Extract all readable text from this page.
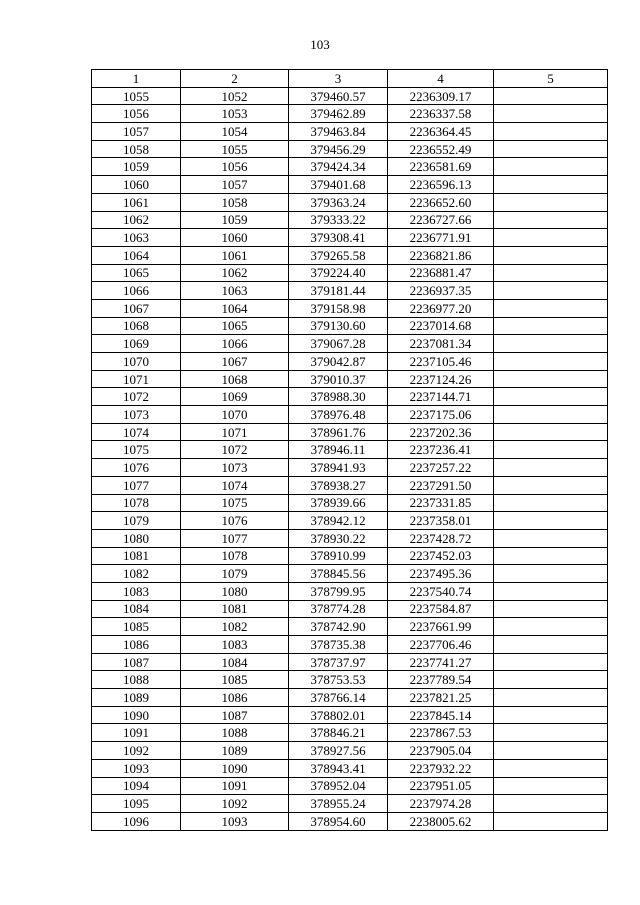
103
1	2	3	4	5
1055	1052	379460.57	2236309.17	
1056	1053	379462.89	2236337.58	
1057	1054	379463.84	2236364.45	
1058	1055	379456.29	2236552.49	
1059	1056	379424.34	2236581.69	
1060	1057	379401.68	2236596.13	
1061	1058	379363.24	2236652.60	
1062	1059	379333.22	2236727.66	
1063	1060	379308.41	2236771.91	
1064	1061	379265.58	2236821.86	
1065	1062	379224.40	2236881.47	
1066	1063	379181.44	2236937.35	
1067	1064	379158.98	2236977.20	
1068	1065	379130.60	2237014.68	
1069	1066	379067.28	2237081.34	
1070	1067	379042.87	2237105.46	
1071	1068	379010.37	2237124.26	
1072	1069	378988.30	2237144.71	
1073	1070	378976.48	2237175.06	
1074	1071	378961.76	2237202.36	
1075	1072	378946.11	2237236.41	
1076	1073	378941.93	2237257.22	
1077	1074	378938.27	2237291.50	
1078	1075	378939.66	2237331.85	
1079	1076	378942.12	2237358.01	
1080	1077	378930.22	2237428.72	
1081	1078	378910.99	2237452.03	
1082	1079	378845.56	2237495.36	
1083	1080	378799.95	2237540.74	
1084	1081	378774.28	2237584.87	
1085	1082	378742.90	2237661.99	
1086	1083	378735.38	2237706.46	
1087	1084	378737.97	2237741.27	
1088	1085	378753.53	2237789.54	
1089	1086	378766.14	2237821.25	
1090	1087	378802.01	2237845.14	
1091	1088	378846.21	2237867.53	
1092	1089	378927.56	2237905.04	
1093	1090	378943.41	2237932.22	
1094	1091	378952.04	2237951.05	
1095	1092	378955.24	2237974.28	
1096	1093	378954.60	2238005.62	
